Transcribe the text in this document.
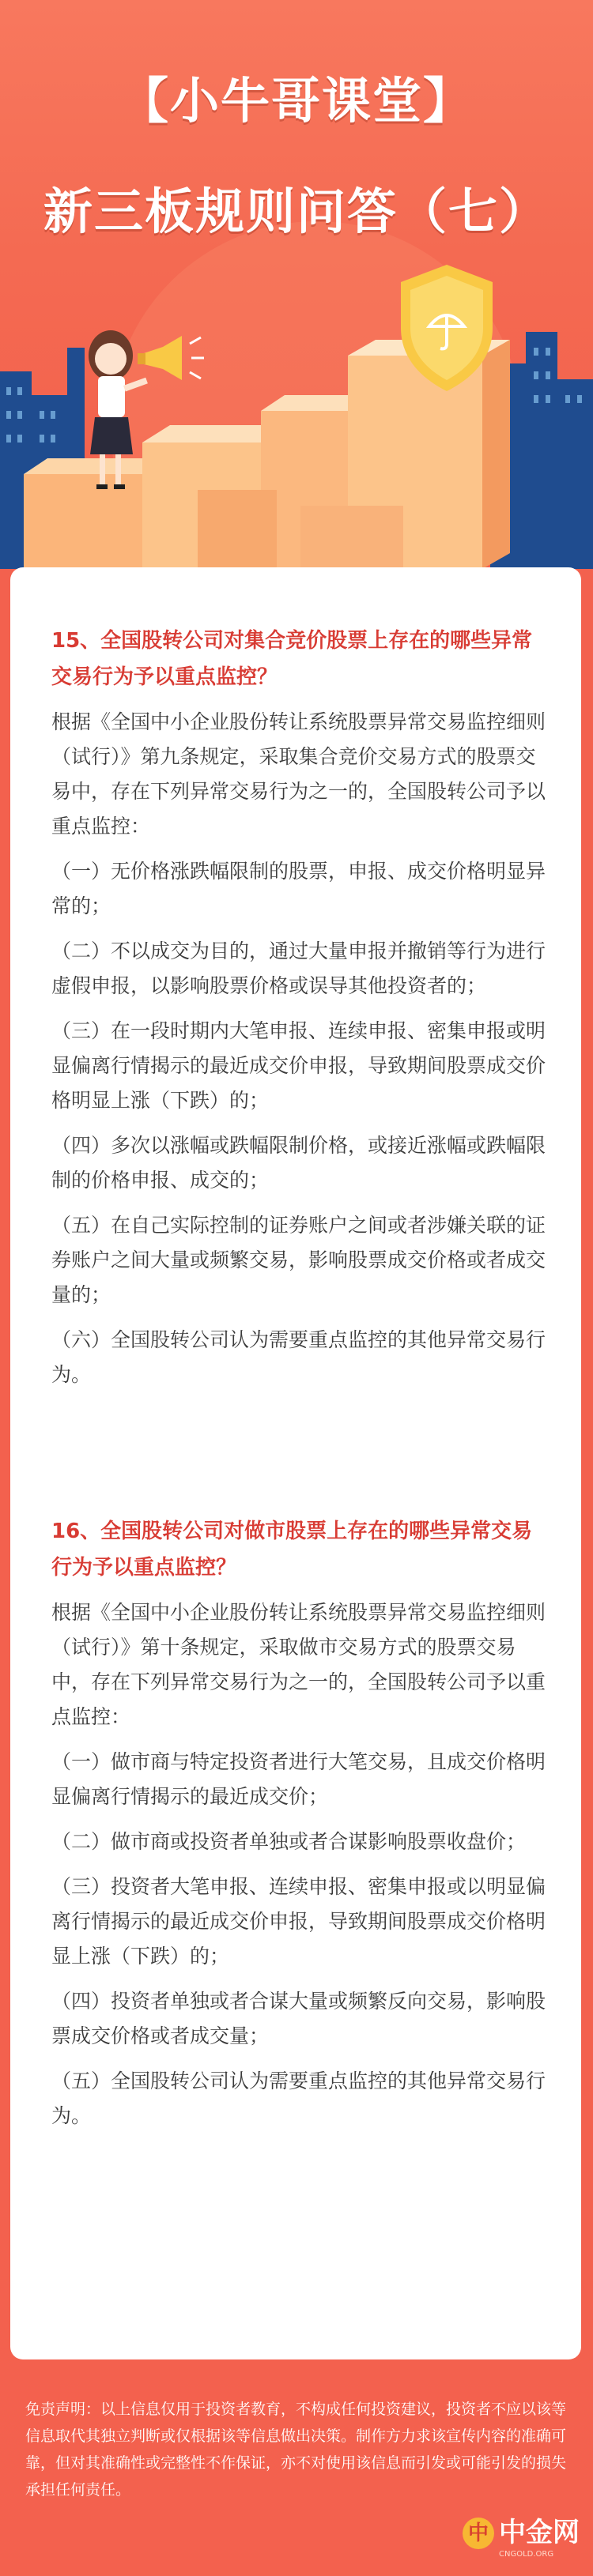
【小牛哥课堂】
新三板规则问答（七）
15、全国股转公司对集合竞价股票上存在的哪些异常交易行为予以重点监控？
根据《全国中小企业股份转让系统股票异常交易监控细则（试行）》第九条规定，采取集合竞价交易方式的股票交易中，存在下列异常交易行为之一的，全国股转公司予以重点监控：
（一）无价格涨跌幅限制的股票，申报、成交价格明显异常的；
（二）不以成交为目的，通过大量申报并撤销等行为进行虚假申报，以影响股票价格或误导其他投资者的；
（三）在一段时期内大笔申报、连续申报、密集申报或明显偏离行情揭示的最近成交价申报，导致期间股票成交价格明显上涨（下跌）的；
（四）多次以涨幅或跌幅限制价格，或接近涨幅或跌幅限制的价格申报、成交的；
（五）在自己实际控制的证券账户之间或者涉嫌关联的证券账户之间大量或频繁交易，影响股票成交价格或者成交量的；
（六）全国股转公司认为需要重点监控的其他异常交易行为。
16、全国股转公司对做市股票上存在的哪些异常交易行为予以重点监控？
根据《全国中小企业股份转让系统股票异常交易监控细则（试行）》第十条规定，采取做市交易方式的股票交易中，存在下列异常交易行为之一的，全国股转公司予以重点监控：
（一）做市商与特定投资者进行大笔交易，且成交价格明显偏离行情揭示的最近成交价；
（二）做市商或投资者单独或者合谋影响股票收盘价；
（三）投资者大笔申报、连续申报、密集申报或以明显偏离行情揭示的最近成交价申报，导致期间股票成交价格明显上涨（下跌）的；
（四）投资者单独或者合谋大量或频繁反向交易，影响股票成交价格或者成交量；
（五）全国股转公司认为需要重点监控的其他异常交易行为。
免责声明：以上信息仅用于投资者教育，不构成任何投资建议，投资者不应以该等信息取代其独立判断或仅根据该等信息做出决策。制作方力求该宣传内容的准确可靠，但对其准确性或完整性不作保证，亦不对使用该信息而引发或可能引发的损失承担任何责任。
中 中金网
CNGOLD.ORG
